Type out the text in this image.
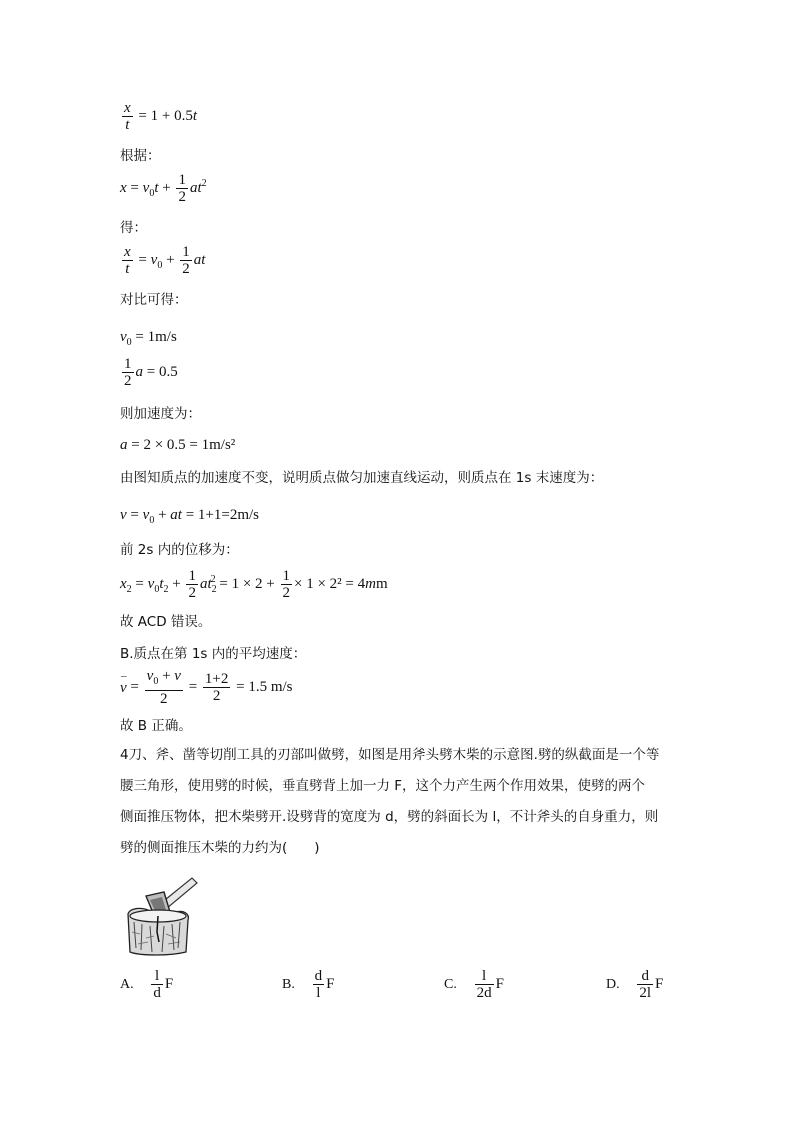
$\frac{x}{t} = 1 + 0.5t$
根据：
$x = v_0t + \frac{1}{2} at^2$
得：
$\frac{x}{t} = v_0 + \frac{1}{2}$ at
对比可得：
$v_0 = 1m/s$
$\frac{1}{2}$ a = 0.5
则加速度为：
a = 2 × 0.5 = 1m/s²
由图知质点的加速度不变，说明质点做匀加速直线运动，则质点在 1s 末速度为：
$v = v_0$ + at = 1+1=2m/s
前 2s 内的位移为：
$x_2 = v_0t_2 + \frac{1}{2} at_2^2 = 1 \times 2 + \frac{1}{2} \times 1 \times 2^2 = 4mm$
故 ACD 错误。
B.质点在第 1s 内的平均速度：
–
$v = \frac{v_0 + v}{2} = \frac{1+2}{2} = 1.5$ m/s
故 B 正确。
4刀、斧、凿等切削工具的刃部叫做劈，如图是用斧头劈木柴的示意图.劈的纵截面是一个等
腰三角形，使用劈的时候，垂直劈背上加一力 F，这个力产生两个作用效果，使劈的两个
侧面推压物体，把木柴劈开.设劈背的宽度为 d，劈的斜面长为 l，不计斧头的自身重力，则
劈的侧面推压木柴的力约为(　　)
A. $\frac{l}{d}$ F	B. $\frac{d}{l}$ F	C. $\frac{l}{2d}$ F	D. $\frac{d}{2l}$ F
